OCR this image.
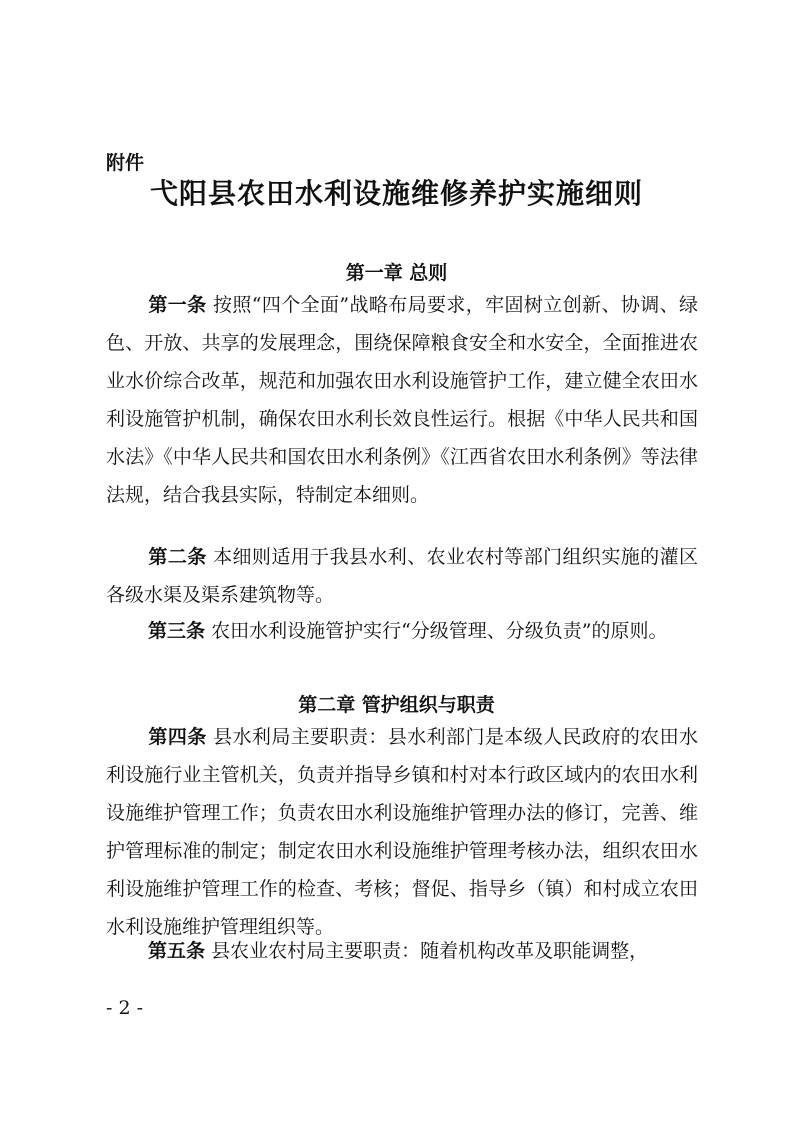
附件
弋阳县农田水利设施维修养护实施细则
第一章 总则
第一条 按照“四个全面”战略布局要求，牢固树立创新、协调、绿色、开放、共享的发展理念，围绕保障粮食安全和水安全，全面推进农业水价综合改革，规范和加强农田水利设施管护工作，建立健全农田水利设施管护机制，确保农田水利长效良性运行。根据《中华人民共和国水法》《中华人民共和国农田水利条例》《江西省农田水利条例》等法律法规，结合我县实际，特制定本细则。
第二条 本细则适用于我县水利、农业农村等部门组织实施的灌区各级水渠及渠系建筑物等。
第三条 农田水利设施管护实行“分级管理、分级负责”的原则。
第二章 管护组织与职责
第四条 县水利局主要职责：县水利部门是本级人民政府的农田水利设施行业主管机关，负责并指导乡镇和村对本行政区域内的农田水利设施维护管理工作；负责农田水利设施维护管理办法的修订，完善、维护管理标准的制定；制定农田水利设施维护管理考核办法，组织农田水利设施维护管理工作的检查、考核；督促、指导乡（镇）和村成立农田水利设施维护管理组织等。
第五条 县农业农村局主要职责：随着机构改革及职能调整，
- 2 -
